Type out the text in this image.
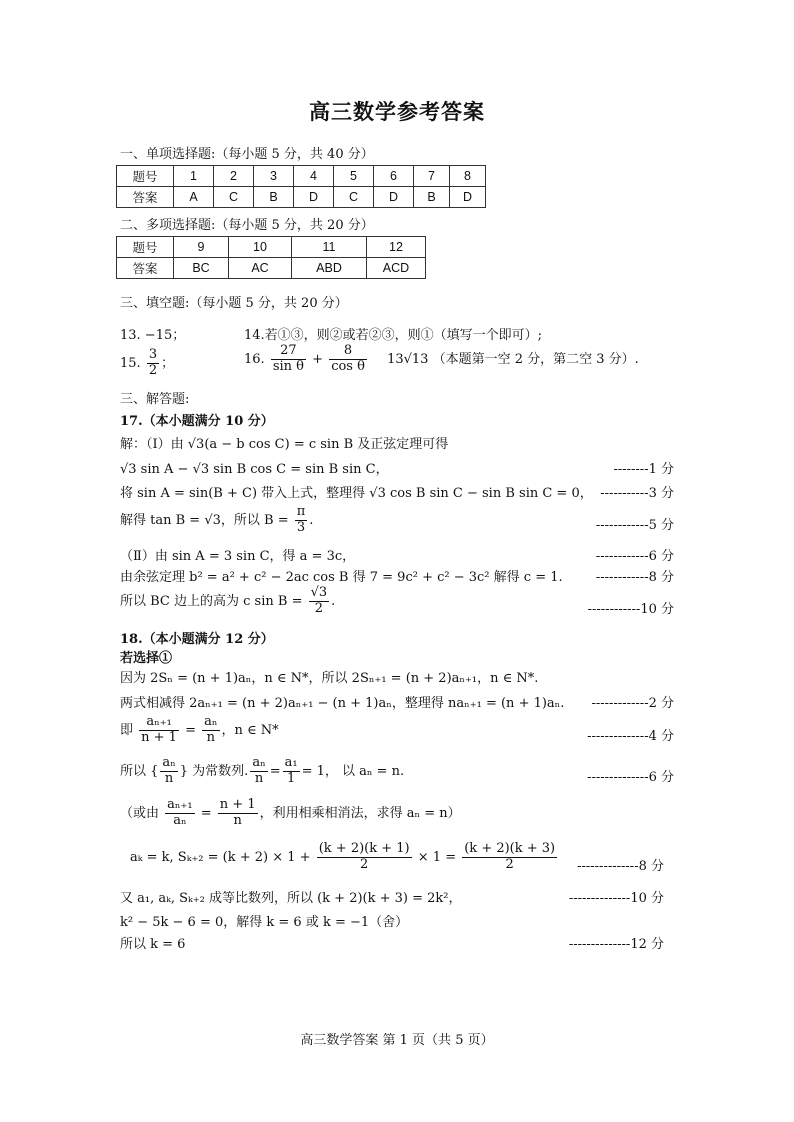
高三数学参考答案
一、单项选择题:（每小题 5 分，共 40 分）
题号	1	2	3	4	5	6	7	8
答案	A	C	B	D	C	D	B	D
二、多项选择题:（每小题 5 分，共 20 分）
题号	9	10	11	12
答案	BC	AC	ABD	ACD
三、填空题:（每小题 5 分，共 20 分）
13. −15；	14.若①③，则②或若②③，则①（填写一个即可）;
15. $\frac{3}{2}$ ；	16. $\frac{27}{\text{sin θ}} + \frac{8}{\text{cos θ}} 13√13$ （本题第一空 2 分，第二空 3 分）.
三、解答题:
17.（本小题满分 10 分）
解：（Ⅰ）由 √3(a − b cos C) = c sin B 及正弦定理可得
√3 sin A − √3 sin B cos C = sin B sin C，	--------1 分
将 sin A = sin(B + C) 带入上式，整理得 √3 cos B sin C − sin B sin C = 0， -----------3 分
解得 tan B = √3，所以 $B = \frac{\pi}{3}$ .	------------5 分
（Ⅱ）由 sin A = 3 sin C，得 a = 3c，	------------6 分
由余弦定理 b² = a² + c² − 2ac cos B 得 7 = 9c² + c² − 3c² 解得 c = 1.	------------8 分
所以 BC 边上的高为 c $\sin B = \frac{√3}{2}$ .
------------10 分
18.（本小题满分 12 分）
若选择①
因为 2Sₙ = (n + 1)aₙ，n ∈ N*，所以 2Sₙ₊₁ = (n + 2)aₙ₊₁，n ∈ N*.
两式相减得 2aₙ₊₁ = (n + 2)aₙ₊₁ − (n + 1)aₙ，整理得 naₙ₊₁ = (n + 1)aₙ.	-------------2 分
即 $\frac{\text{aₙ₊₁}}{n + 1} = \frac{\text{aₙ}}{n}$ ，n ∈ N*	--------------4 分
所以 { $\frac{\text{aₙ}}{n}$ } 为常数列. $\frac{\text{aₙ}}{n} = \frac{\text{a₁}}{1} = 1$， 以 aₙ = n.	--------------6 分
（或由 $\frac{\text{aₙ₊₁}}{\text{aₙ}} = \frac{n + 1}{n}$ ，利用相乘相消法，求得 aₙ = n）
aₖ = k, $S_{k+2} = (k + 2) \times 1 + \frac{(k + 2)(k + 1)}{2} \times 1 = \frac{(k + 2)(k + 3)}{2}$	--------------8 分
又 a₁, aₖ, Sₖ₊₂ 成等比数列，所以 (k + 2)(k + 3) = 2k²，	--------------10 分
k² − 5k − 6 = 0，解得 k = 6 或 k = −1（舍）
所以 k = 6	--------------12 分
高三数学答案 第 1 页（共 5 页）
